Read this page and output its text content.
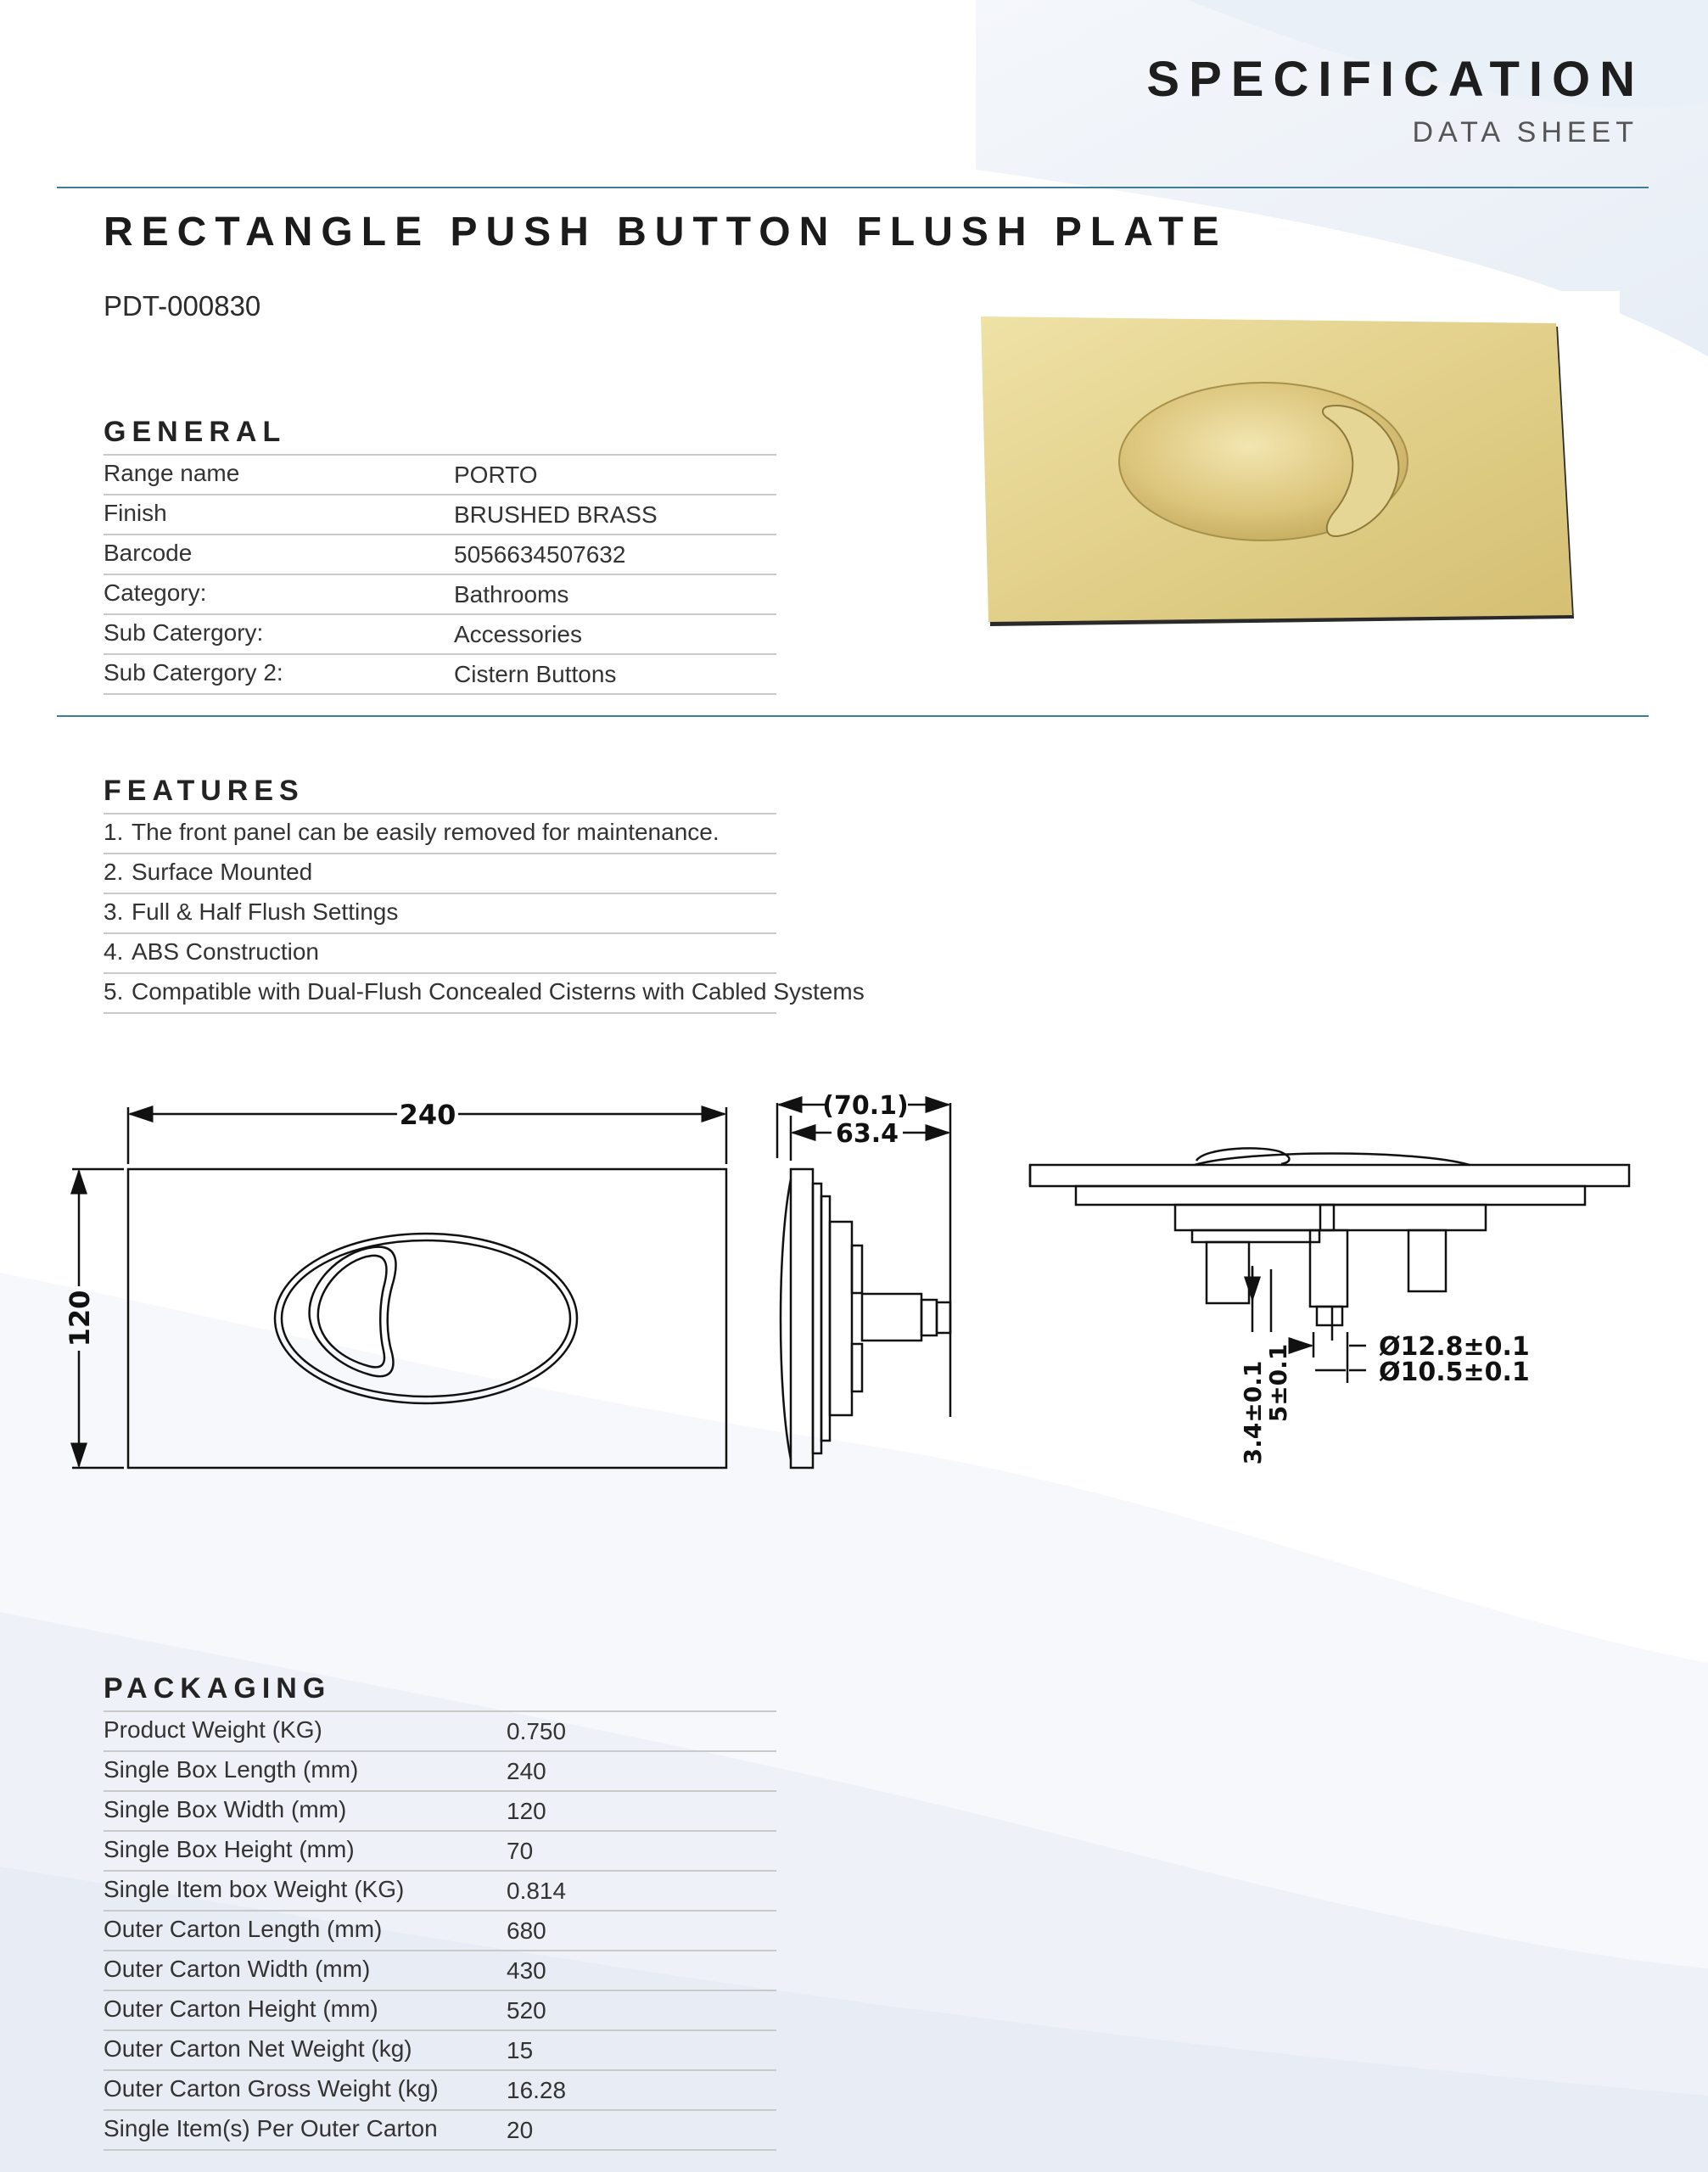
SPECIFICATION
DATA SHEET
RECTANGLE PUSH BUTTON FLUSH PLATE
PDT-000830
GENERAL
Range name	PORTO
Finish	BRUSHED BRASS
Barcode	5056634507632
Category:	Bathrooms
Sub Catergory:	Accessories
Sub Catergory 2:	Cistern Buttons
FEATURES
1. The front panel can be easily removed for maintenance.
2. Surface Mounted
3. Full & Half Flush Settings
4. ABS Construction
5. Compatible with Dual-Flush Concealed Cisterns with Cabled Systems
240
120
(70.1)
63.4
Ø12.8±0.1
Ø10.5±0.1
3.4±0.1
5±0.1
PACKAGING
Product Weight (KG)	0.750
Single Box Length (mm)	240
Single Box Width (mm)	120
Single Box Height (mm)	70
Single Item box Weight (KG)	0.814
Outer Carton Length (mm)	680
Outer Carton Width (mm)	430
Outer Carton Height (mm)	520
Outer Carton Net Weight (kg)	15
Outer Carton Gross Weight (kg)	16.28
Single Item(s) Per Outer Carton	20
